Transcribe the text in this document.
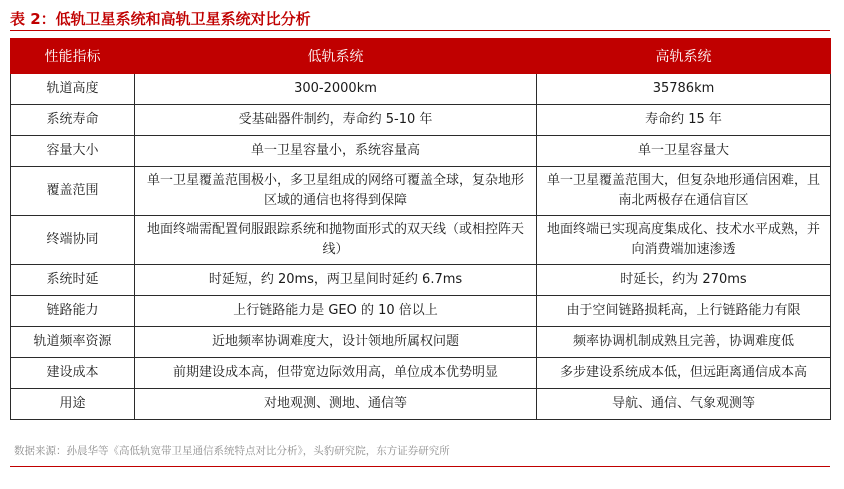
表 2：低轨卫星系统和高轨卫星系统对比分析
性能指标	低轨系统	高轨系统
轨道高度	300-2000km	35786km
系统寿命	受基础器件制约，寿命约 5-10 年	寿命约 15 年
容量大小	单一卫星容量小，系统容量高	单一卫星容量大
覆盖范围	单一卫星覆盖范围极小，多卫星组成的网络可覆盖全球，复杂地形区域的通信也将得到保障	单一卫星覆盖范围大，但复杂地形通信困难，且南北两极存在通信盲区
终端协同	地面终端需配置伺服跟踪系统和抛物面形式的双天线（或相控阵天线）	地面终端已实现高度集成化、技术水平成熟，并向消费端加速渗透
系统时延	时延短，约 20ms，两卫星间时延约 6.7ms	时延长，约为 270ms
链路能力	上行链路能力是 GEO 的 10 倍以上	由于空间链路损耗高，上行链路能力有限
轨道频率资源	近地频率协调难度大，设计领地所属权问题	频率协调机制成熟且完善，协调难度低
建设成本	前期建设成本高，但带宽边际效用高，单位成本优势明显	多步建设系统成本低，但远距离通信成本高
用途	对地观测、测地、通信等	导航、通信、气象观测等
数据来源：孙晨华等《高低轨宽带卫星通信系统特点对比分析》，头豹研究院，东方证券研究所
